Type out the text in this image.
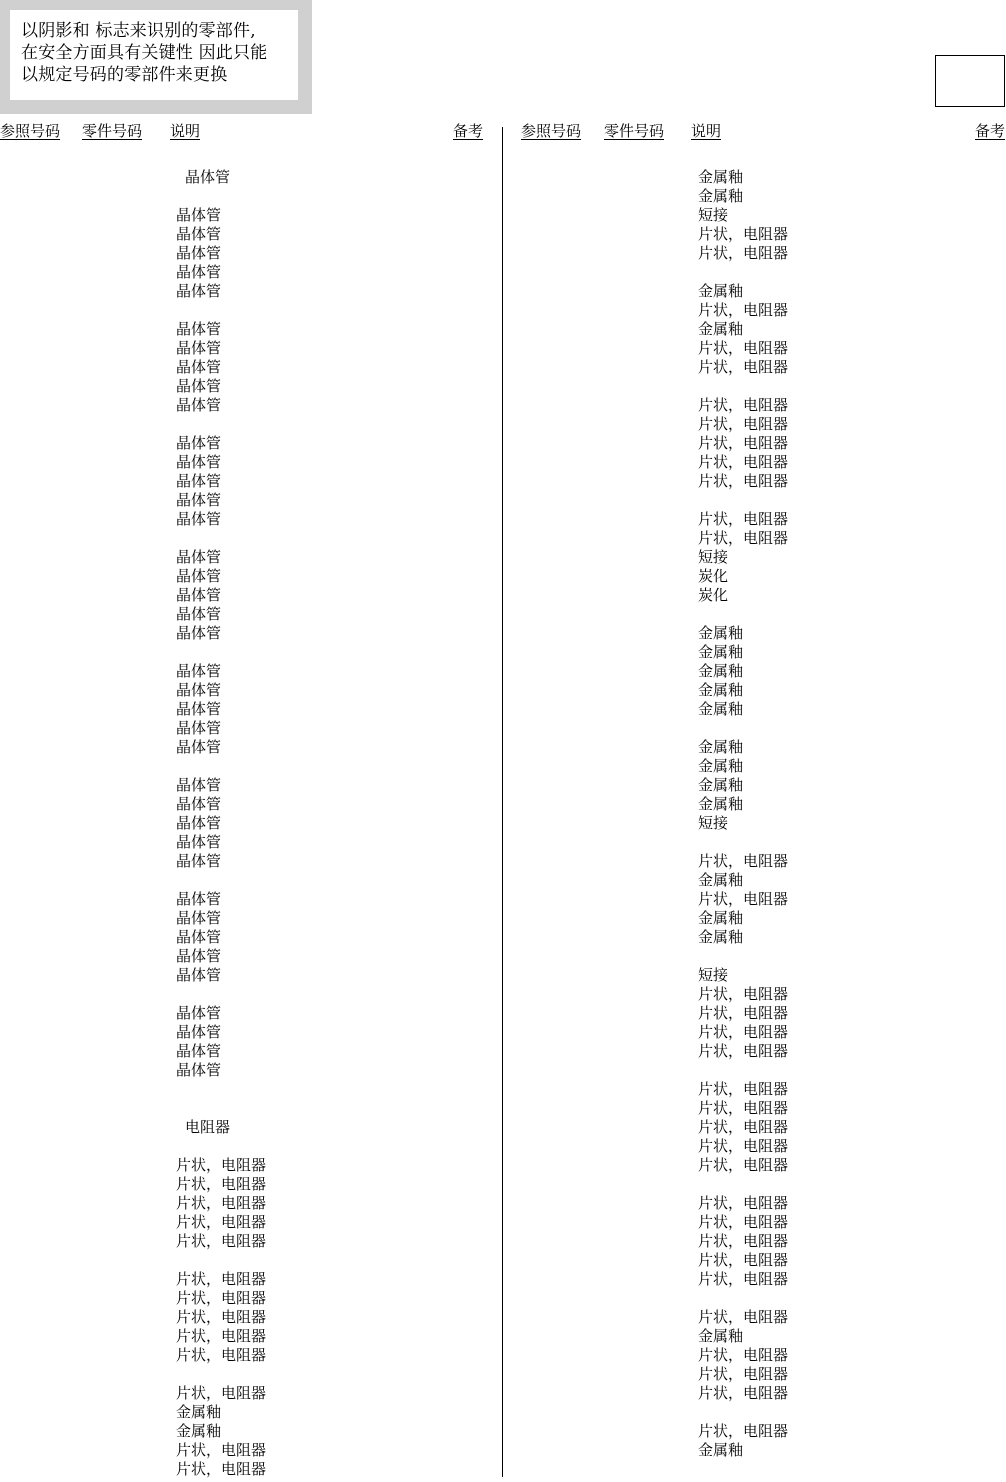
以阴影和 标志来识别的零部件,
在安全方面具有关键性 因此只能
以规定号码的零部件来更换
参照号码 零件号码 说明	备考	参照号码 零件号码 说明	备考
晶体管
晶体管
晶体管
晶体管
晶体管
晶体管
晶体管
晶体管
晶体管
晶体管
晶体管
晶体管
晶体管
晶体管
晶体管
晶体管
晶体管
晶体管
晶体管
晶体管
晶体管
晶体管
晶体管
晶体管
晶体管
晶体管
晶体管
晶体管
晶体管
晶体管
晶体管
晶体管
晶体管
晶体管
晶体管
晶体管
晶体管
晶体管
晶体管
晶体管
电阻器
片状，电阻器
片状，电阻器
片状，电阻器
片状，电阻器
片状，电阻器
片状，电阻器
片状，电阻器
片状，电阻器
片状，电阻器
片状，电阻器
片状，电阻器
金属釉
金属釉
片状，电阻器
片状，电阻器
金属釉
金属釉
短接
片状，电阻器
片状，电阻器
金属釉
片状，电阻器
金属釉
片状，电阻器
片状，电阻器
片状，电阻器
片状，电阻器
片状，电阻器
片状，电阻器
片状，电阻器
片状，电阻器
片状，电阻器
短接
炭化
炭化
金属釉
金属釉
金属釉
金属釉
金属釉
金属釉
金属釉
金属釉
金属釉
短接
片状，电阻器
金属釉
片状，电阻器
金属釉
金属釉
短接
片状，电阻器
片状，电阻器
片状，电阻器
片状，电阻器
片状，电阻器
片状，电阻器
片状，电阻器
片状，电阻器
片状，电阻器
片状，电阻器
片状，电阻器
片状，电阻器
片状，电阻器
片状，电阻器
片状，电阻器
金属釉
片状，电阻器
片状，电阻器
片状，电阻器
片状，电阻器
金属釉
